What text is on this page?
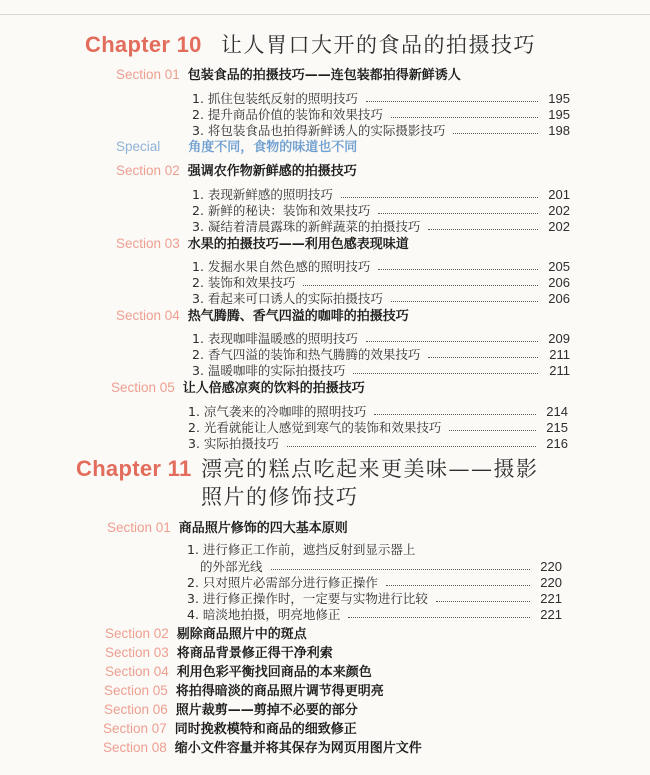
Chapter 10 让人胃口大开的食品的拍摄技巧
Section 01 包装食品的拍摄技巧——连包装都拍得新鲜诱人
1. 抓住包装纸反射的照明技巧	195
2. 提升商品价值的装饰和效果技巧	195
3. 将包装食品也拍得新鲜诱人的实际摄影技巧	198
Special 角度不同，食物的味道也不同
Section 02 强调农作物新鲜感的拍摄技巧
1. 表现新鲜感的照明技巧	201
2. 新鲜的秘诀：装饰和效果技巧	202
3. 凝结着清晨露珠的新鲜蔬菜的拍摄技巧	202
Section 03 水果的拍摄技巧——利用色感表现味道
1. 发掘水果自然色感的照明技巧	205
2. 装饰和效果技巧	206
3. 看起来可口诱人的实际拍摄技巧	206
Section 04 热气腾腾、香气四溢的咖啡的拍摄技巧
1. 表现咖啡温暖感的照明技巧	209
2. 香气四溢的装饰和热气腾腾的效果技巧	211
3. 温暖咖啡的实际拍摄技巧	211
Section 05 让人倍感凉爽的饮料的拍摄技巧
1. 凉气袭来的冷咖啡的照明技巧	214
2. 光看就能让人感觉到寒气的装饰和效果技巧	215
3. 实际拍摄技巧	216
Chapter 11 漂亮的糕点吃起来更美味——摄影
照片的修饰技巧
Section 01 商品照片修饰的四大基本原则
1. 进行修正工作前，遮挡反射到显示器上
的外部光线	220
2. 只对照片必需部分进行修正操作	220
3. 进行修正操作时，一定要与实物进行比较	221
4. 暗淡地拍摄，明亮地修正	221
Section 02 剔除商品照片中的斑点
Section 03 将商品背景修正得干净利索
Section 04 利用色彩平衡找回商品的本来颜色
Section 05 将拍得暗淡的商品照片调节得更明亮
Section 06 照片裁剪——剪掉不必要的部分
Section 07 同时挽救模特和商品的细致修正
Section 08 缩小文件容量并将其保存为网页用图片文件
